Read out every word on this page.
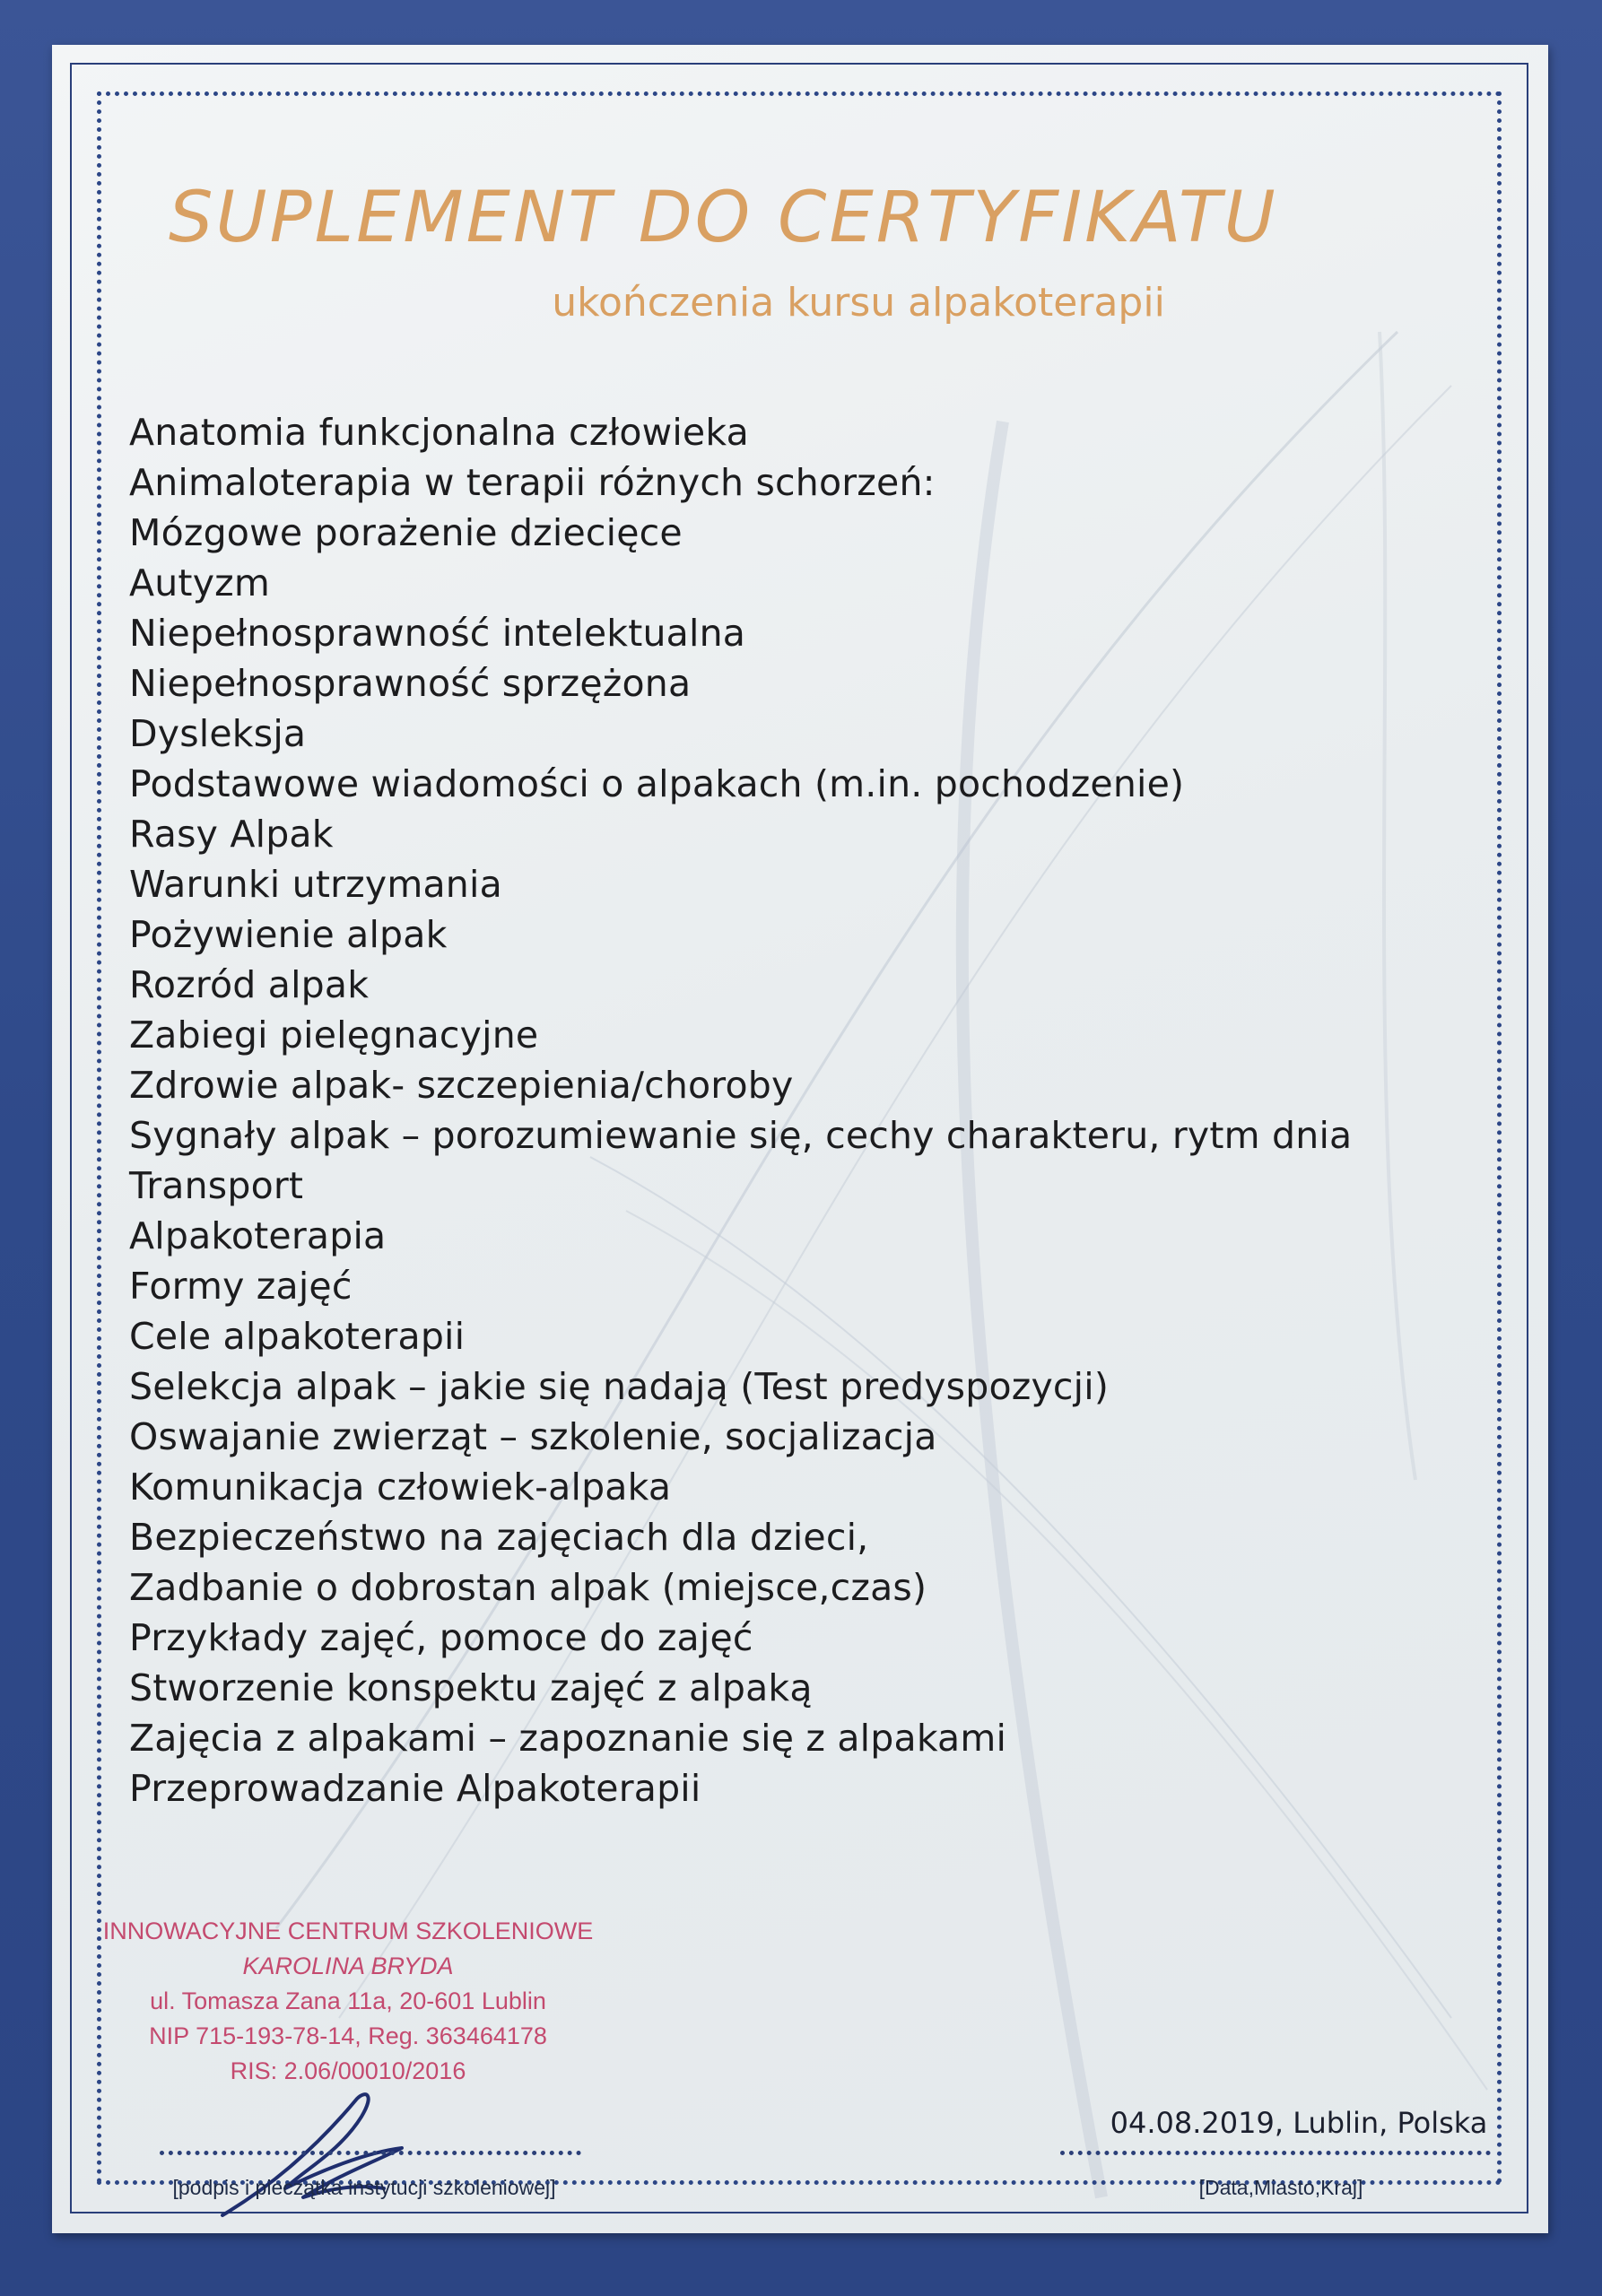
SUPLEMENT DO CERTYFIKATU
ukończenia kursu alpakoterapii
Anatomia funkcjonalna człowieka
Animaloterapia w terapii różnych schorzeń:
Mózgowe porażenie dziecięce
Autyzm
Niepełnosprawność intelektualna
Niepełnosprawność sprzężona
Dysleksja
Podstawowe wiadomości o alpakach (m.in. pochodzenie)
Rasy Alpak
Warunki utrzymania
Pożywienie alpak
Rozród alpak
Zabiegi pielęgnacyjne
Zdrowie alpak- szczepienia/choroby
Sygnały alpak – porozumiewanie się, cechy charakteru, rytm dnia
Transport
Alpakoterapia
Formy zajęć
Cele alpakoterapii
Selekcja alpak – jakie się nadają (Test predyspozycji)
Oswajanie zwierząt – szkolenie, socjalizacja
Komunikacja człowiek-alpaka
Bezpieczeństwo na zajęciach dla dzieci,
Zadbanie o dobrostan alpak (miejsce,czas)
Przykłady zajęć, pomoce do zajęć
Stworzenie konspektu zajęć z alpaką
Zajęcia z alpakami – zapoznanie się z alpakami
Przeprowadzanie Alpakoterapii
INNOWACYJNE CENTRUM SZKOLENIOWE
KAROLINA BRYDA
ul. Tomasza Zana 11a, 20-601 Lublin
NIP 715-193-78-14, Reg. 363464178
RIS: 2.06/00010/2016
[podpis i pieczątka instytucji szkoleniowej]
04.08.2019, Lublin, Polska
[Data,Miasto,Kraj]
